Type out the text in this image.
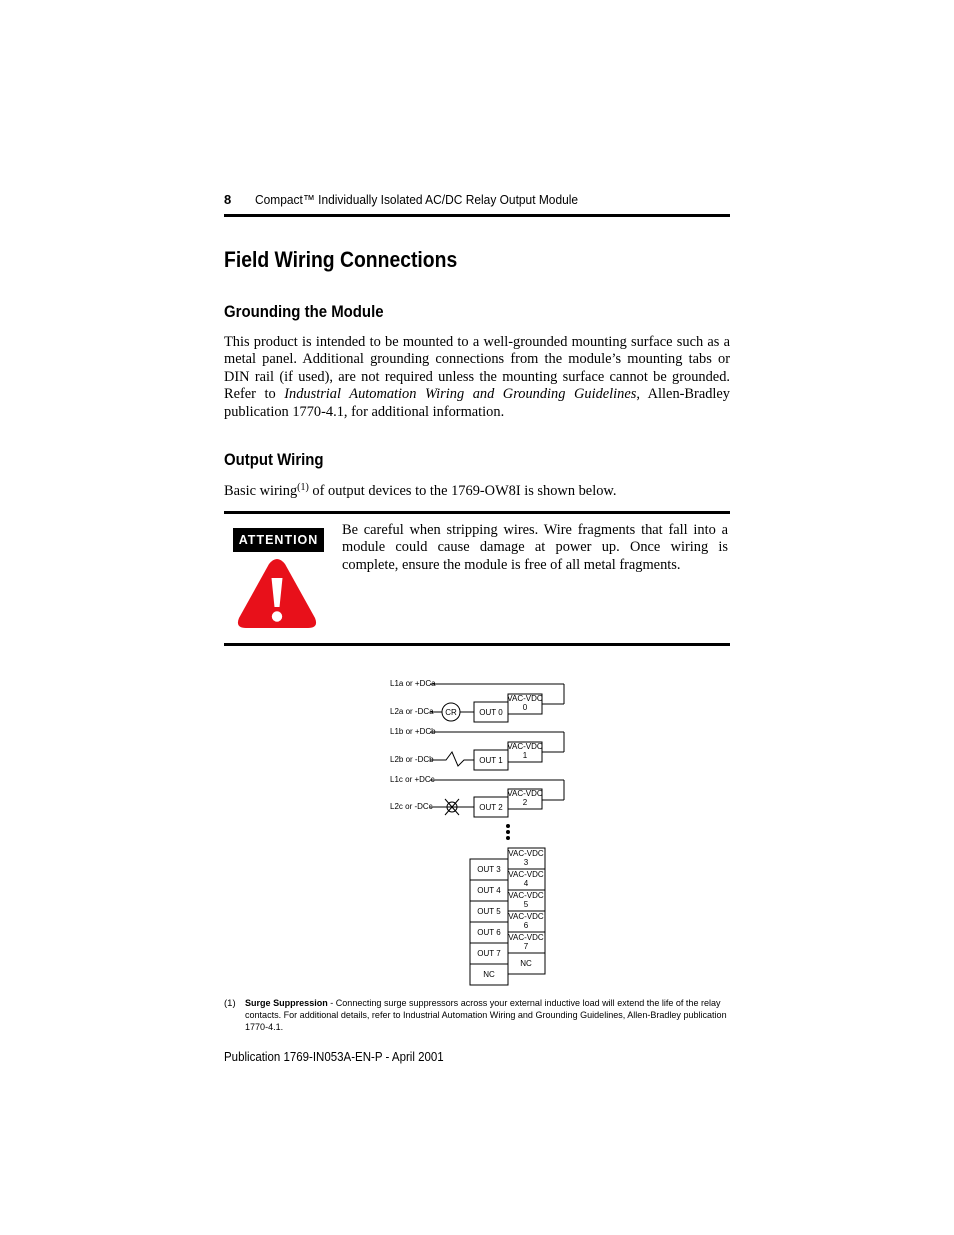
8 Compact™ Individually Isolated AC/DC Relay Output Module
Field Wiring Connections
Grounding the Module

This product is intended to be mounted to a well-grounded mounting surface such as a metal panel. Additional grounding connections from the module’s mounting tabs or DIN rail (if used), are not required unless the mounting surface cannot be grounded. Refer to Industrial Automation Wiring and Grounding Guidelines, Allen-Bradley publication 1770-4.1, for additional information.

Output Wiring

Basic wiring$^{(1)}$ of output devices to the 1769-OW8I is shown below.

ATTENTION

Be careful when stripping wires. Wire fragments that fall into a module could cause damage at power up. Once wiring is complete, ensure the module is free of all metal fragments.

L1a or +DCa
L2a or -DCa
L1b or +DCb
L2b or -DCb
L1c or +DCc
L2c or -DCc
CR	OUT 0
OUT 1
OUT 2
VAC-VDC
0
VAC-VDC
1
VAC-VDC
2
OUT 3
OUT 4
OUT 5
OUT 6
OUT 7
NC
VAC-VDC
3
VAC-VDC
4
VAC-VDC
5
VAC-VDC
6
VAC-VDC
7
NC
(1) Surge Suppression - Connecting surge suppressors across your external inductive load will extend the life of the relay contacts. For additional details, refer to Industrial Automation Wiring and Grounding Guidelines, Allen-Bradley publication 1770-4.1.
Publication 1769-IN053A-EN-P - April 2001
